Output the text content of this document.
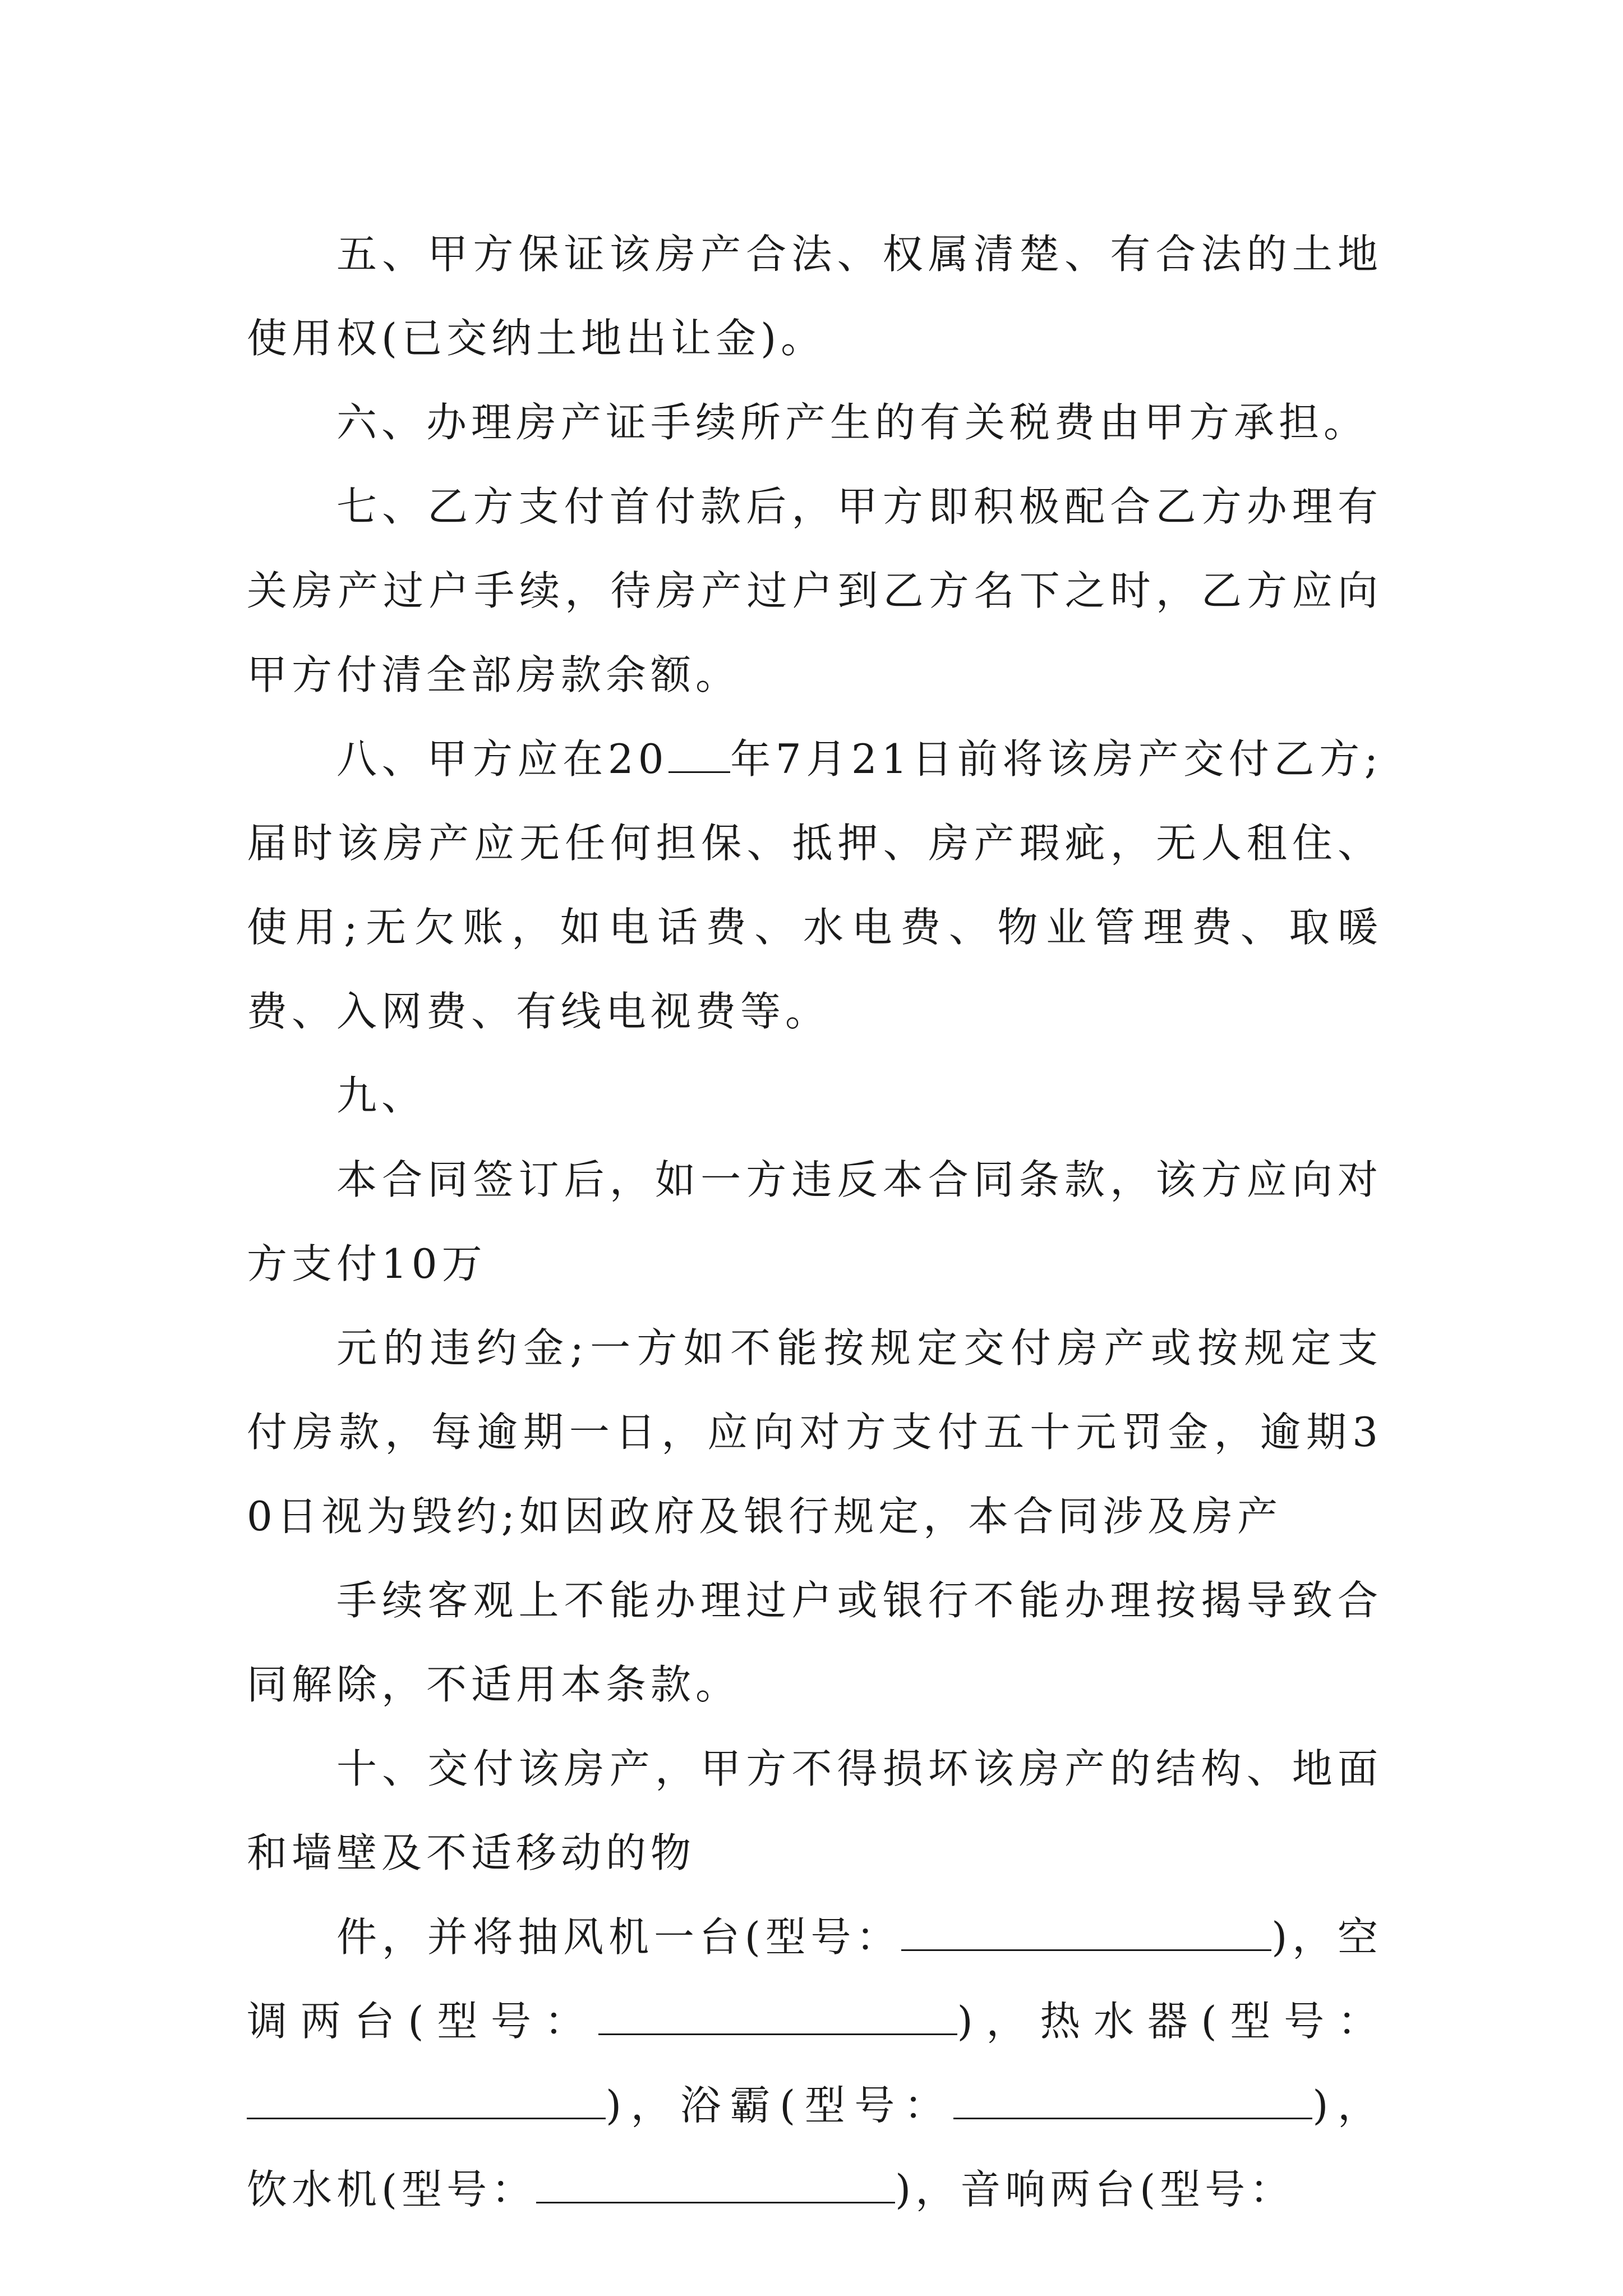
五、甲方保证该房产合法、权属清楚、有合法的土地使用权(已交纳土地出让金)。

六、办理房产证手续所产生的有关税费由甲方承担。

七、乙方支付首付款后，甲方即积极配合乙方办理有关房产过户手续，待房产过户到乙方名下之时，乙方应向甲方付清全部房款余额。

八、甲方应在20 年7月21日前将该房产交付乙方;届时该房产应无任何担保、抵押、房产瑕疵，无人租住、使用;无欠账，如电话费、水电费、物业管理费、取暖费、入网费、有线电视费等。

九、

本合同签订后，如一方违反本合同条款，该方应向对方支付10万

元的违约金;一方如不能按规定交付房产或按规定支付房款，每逾期一日，应向对方支付五十元罚金，逾期30日视为毁约;如因政府及银行规定，本合同涉及房产

手续客观上不能办理过户或银行不能办理按揭导致合同解除，不适用本条款。

十、交付该房产，甲方不得损坏该房产的结构、地面和墙壁及不适移动的物

件，并将抽风机一台(型号：	)，空调两台(型号：	)，热水器(型号：)，浴霸(型号：	)，饮水机(型号：	)，音响两台(型号：
